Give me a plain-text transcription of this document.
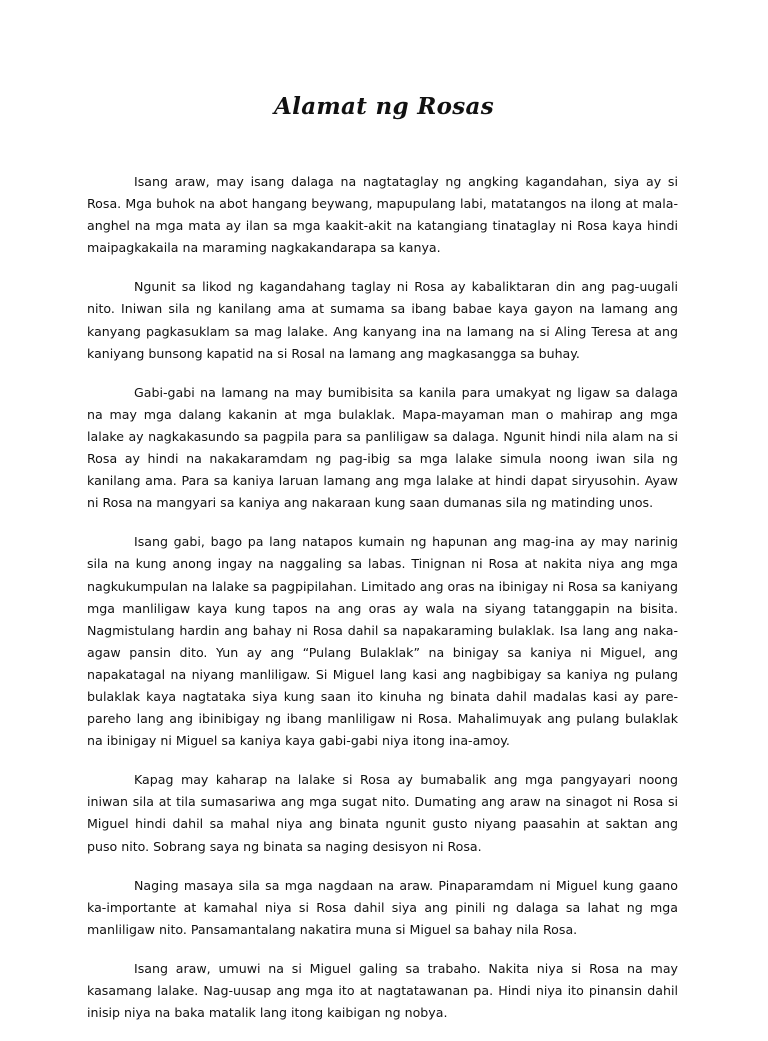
Alamat ng Rosas

Isang araw, may isang dalaga na nagtataglay ng angking kagandahan, siya ay si Rosa. Mga buhok na abot hangang beywang, mapupulang labi, matatangos na ilong at mala-anghel na mga mata ay ilan sa mga kaakit-akit na katangiang tinataglay ni Rosa kaya hindi maipagkakaila na maraming nagkakandarapa sa kanya.

Ngunit sa likod ng kagandahang taglay ni Rosa ay kabaliktaran din ang pag-uugali nito. Iniwan sila ng kanilang ama at sumama sa ibang babae kaya gayon na lamang ang kanyang pagkasuklam sa mag lalake. Ang kanyang ina na lamang na si Aling Teresa at ang kaniyang bunsong kapatid na si Rosal na lamang ang magkasangga sa buhay.

Gabi-gabi na lamang na may bumibisita sa kanila para umakyat ng ligaw sa dalaga na may mga dalang kakanin at mga bulaklak. Mapa-mayaman man o mahirap ang mga lalake ay nagkakasundo sa pagpila para sa panliligaw sa dalaga. Ngunit hindi nila alam na si Rosa ay hindi na nakakaramdam ng pag-ibig sa mga lalake simula noong iwan sila ng kanilang ama. Para sa kaniya laruan lamang ang mga lalake at hindi dapat siryusohin. Ayaw ni Rosa na mangyari sa kaniya ang nakaraan kung saan dumanas sila ng matinding unos.

Isang gabi, bago pa lang natapos kumain ng hapunan ang mag-ina ay may narinig sila na kung anong ingay na naggaling sa labas. Tinignan ni Rosa at nakita niya ang mga nagkukumpulan na lalake sa pagpipilahan. Limitado ang oras na ibinigay ni Rosa sa kaniyang mga manliligaw kaya kung tapos na ang oras ay wala na siyang tatanggapin na bisita. Nagmistulang hardin ang bahay ni Rosa dahil sa napakaraming bulaklak. Isa lang ang naka-agaw pansin dito. Yun ay ang “Pulang Bulaklak” na binigay sa kaniya ni Miguel, ang napakatagal na niyang manliligaw. Si Miguel lang kasi ang nagbibigay sa kaniya ng pulang bulaklak kaya nagtataka siya kung saan ito kinuha ng binata dahil madalas kasi ay pare-pareho lang ang ibinibigay ng ibang manliligaw ni Rosa. Mahalimuyak ang pulang bulaklak na ibinigay ni Miguel sa kaniya kaya gabi-gabi niya itong ina-amoy.

Kapag may kaharap na lalake si Rosa ay bumabalik ang mga pangyayari noong iniwan sila at tila sumasariwa ang mga sugat nito. Dumating ang araw na sinagot ni Rosa si Miguel hindi dahil sa mahal niya ang binata ngunit gusto niyang paasahin at saktan ang puso nito. Sobrang saya ng binata sa naging desisyon ni Rosa.

Naging masaya sila sa mga nagdaan na araw. Pinaparamdam ni Miguel kung gaano ka-importante at kamahal niya si Rosa dahil siya ang pinili ng dalaga sa lahat ng mga manliligaw nito. Pansamantalang nakatira muna si Miguel sa bahay nila Rosa.

Isang araw, umuwi na si Miguel galing sa trabaho. Nakita niya si Rosa na may kasamang lalake. Nag-uusap ang mga ito at nagtatawanan pa. Hindi niya ito pinansin dahil inisip niya na baka matalik lang itong kaibigan ng nobya.
